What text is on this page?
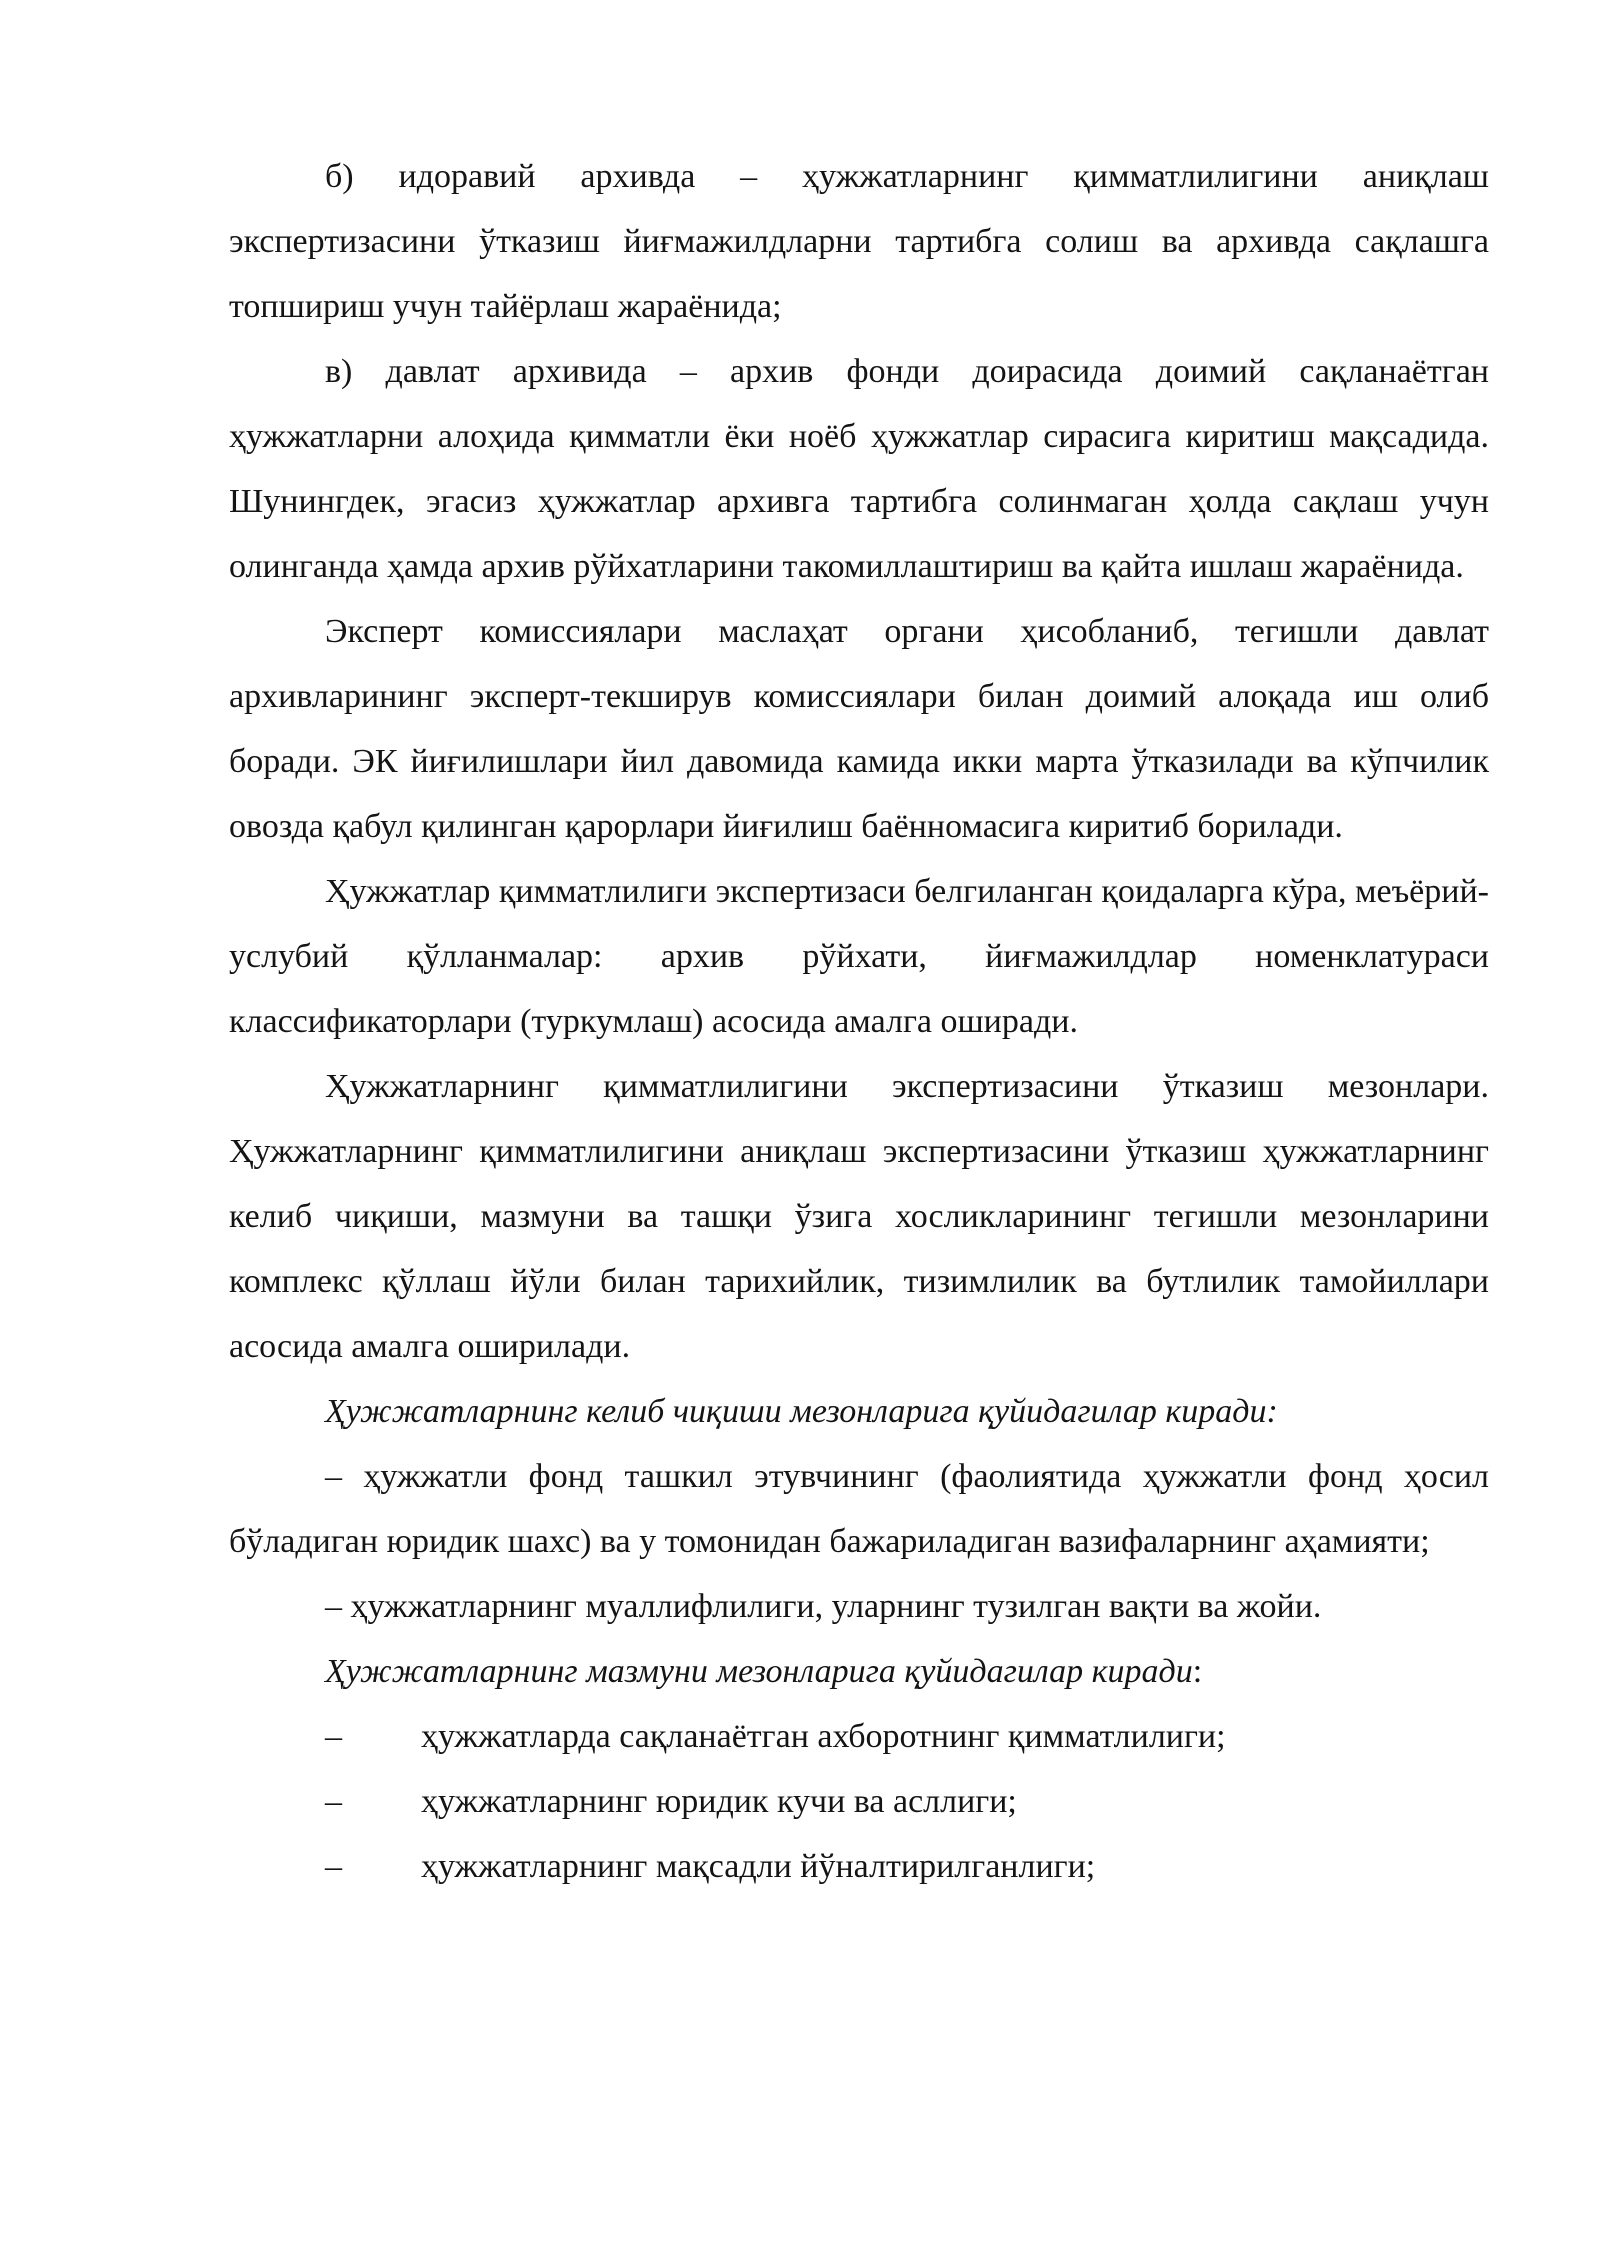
б) идоравий архивда – ҳужжатларнинг қимматлилигини аниқлаш экспертизасини ўтказиш йиғмажилдларни тартибга солиш ва архивда сақлашга топшириш учун тайёрлаш жараёнида;

в) давлат архивида – архив фонди доирасида доимий сақланаётган ҳужжатларни алоҳида қимматли ёки ноёб ҳужжатлар сирасига киритиш мақсадида. Шунингдек, эгасиз ҳужжатлар архивга тартибга солинмаган ҳолда сақлаш учун олинганда ҳамда архив рўйхатларини такомиллаштириш ва қайта ишлаш жараёнида.

Эксперт комиссиялари маслаҳат органи ҳисобланиб, тегишли давлат архивларининг эксперт-текширув комиссиялари билан доимий алоқада иш олиб боради. ЭК йиғилишлари йил давомида камида икки марта ўтказилади ва кўпчилик овозда қабул қилинган қарорлари йиғилиш баённомасига киритиб борилади.

Ҳужжатлар қимматлилиги экспертизаси белгиланган қоидаларга кўра, меъёрий-услубий қўлланмалар: архив рўйхати, йиғмажилдлар номенклатураси классификаторлари (туркумлаш) асосида амалга оширади.

Ҳужжатларнинг қимматлилигини экспертизасини ўтказиш мезонлари. Ҳужжатларнинг қимматлилигини аниқлаш экспертизасини ўтказиш ҳужжатларнинг келиб чиқиши, мазмуни ва ташқи ўзига хосликларининг тегишли мезонларини комплекс қўллаш йўли билан тарихийлик, тизимлилик ва бутлилик тамойиллари асосида амалга оширилади.

Ҳужжатларнинг келиб чиқиши мезонларига қуйидагилар киради:

– ҳужжатли фонд ташкил этувчининг (фаолиятида ҳужжатли фонд ҳосил бўладиган юридик шахс) ва у томонидан бажариладиган вазифаларнинг аҳамияти;

– ҳужжатларнинг муаллифлилиги, уларнинг тузилган вақти ва жойи.

Ҳужжатларнинг мазмуни мезонларига қуйидагилар киради:

–	ҳужжатларда сақланаётган ахборотнинг қимматлилиги;
–	ҳужжатларнинг юридик кучи ва асллиги;
–	ҳужжатларнинг мақсадли йўналтирилганлиги;
